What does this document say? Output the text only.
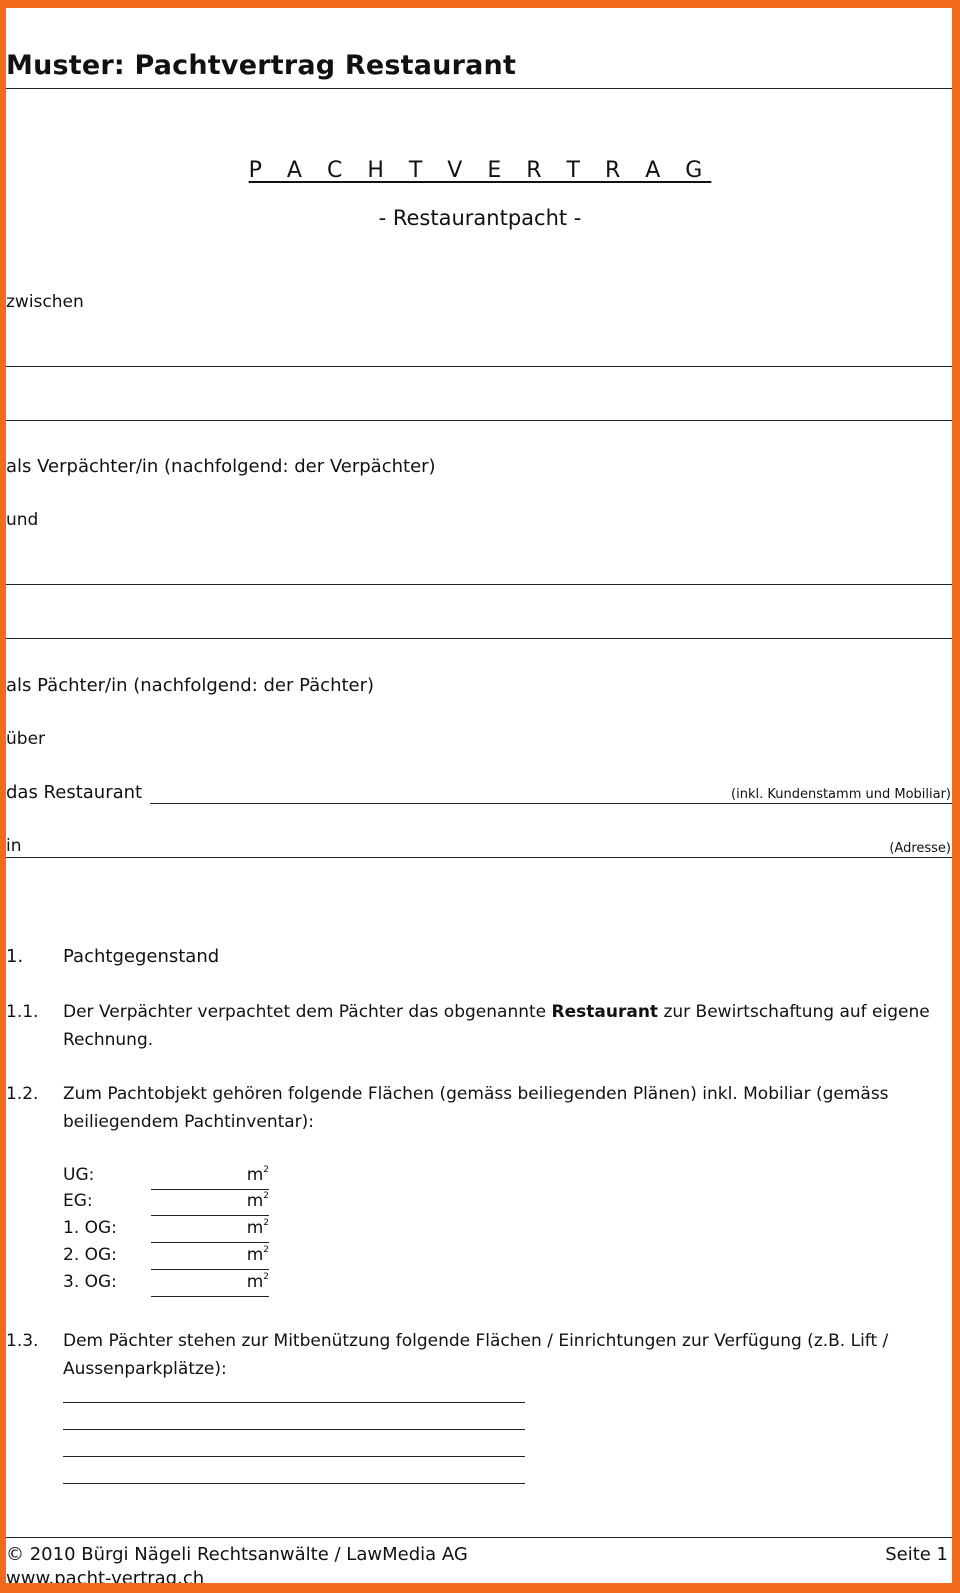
Muster: Pachtvertrag Restaurant
P A C H T V E R T R A G
- Restaurantpacht -
zwischen
als Verpächter/in (nachfolgend: der Verpächter)
und
als Pächter/in (nachfolgend: der Pächter)
über
das Restaurant	(inkl. Kundenstamm und Mobiliar)
in	(Adresse)
1. Pachtgegenstand
1.1. Der Verpächter verpachtet dem Pächter das obgenannte Restaurant zur Bewirtschaftung auf eigene Rechnung.
1.2. Zum Pachtobjekt gehören folgende Flächen (gemäss beiliegenden Plänen) inkl. Mobiliar (gemäss beiliegendem Pachtinventar):
UG:	$m^2$
EG:	$m^2$
1. OG:	$m^2$
2. OG:	$m^2$
3. OG:	$m^2$
1.3. Dem Pächter stehen zur Mitbenützung folgende Flächen / Einrichtungen zur Verfügung (z.B. Lift / Aussenparkplätze):
© 2010 Bürgi Nägeli Rechtsanwälte / LawMedia AG	Seite 1
www.pacht-vertrag.ch
